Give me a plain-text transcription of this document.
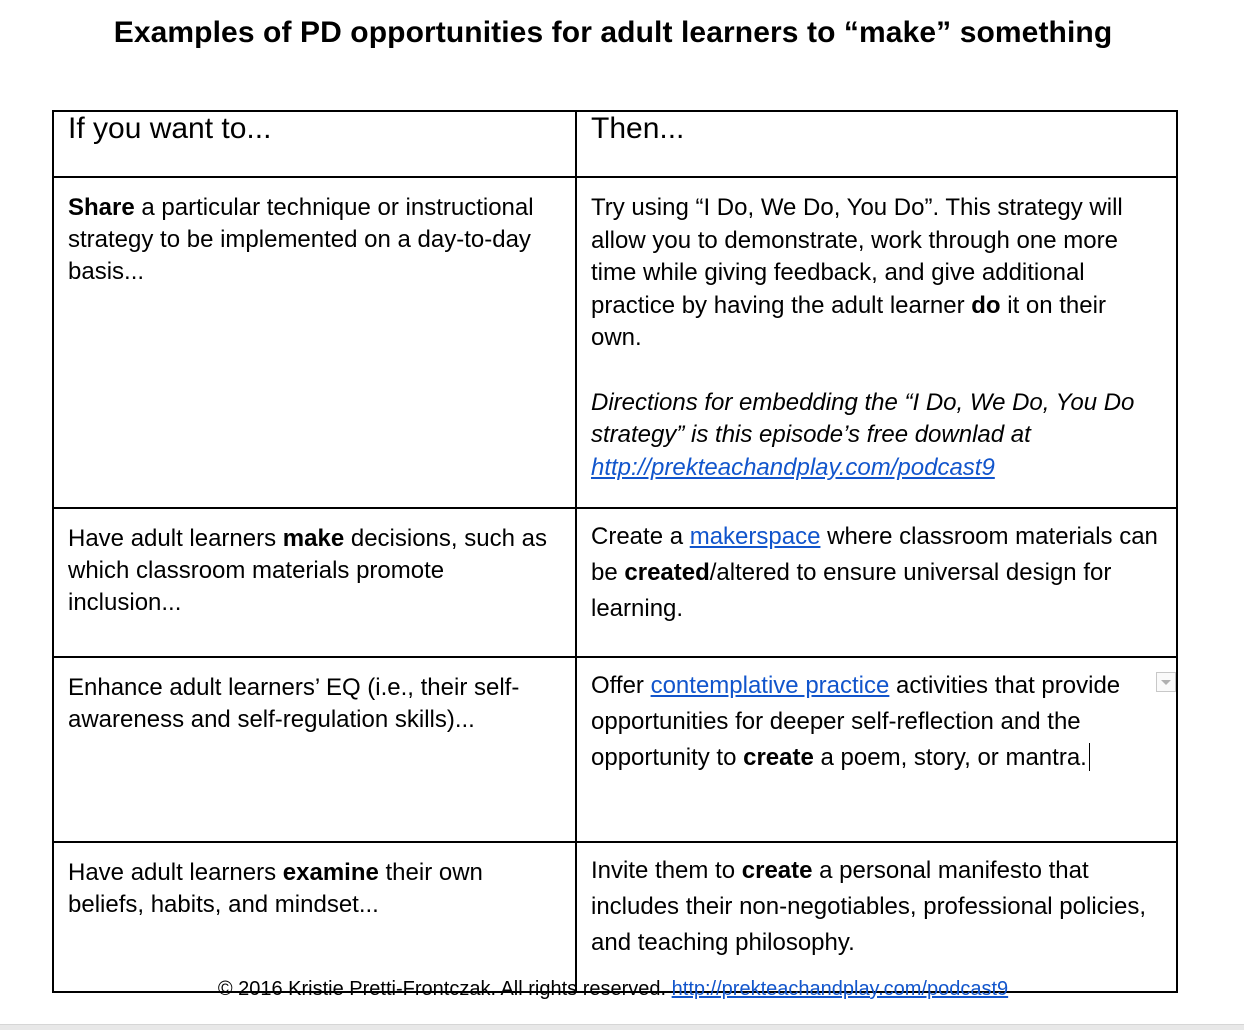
Examples of PD opportunities for adult learners to “make” something
If you want to...	Then...
Share a particular technique or instructional strategy to be implemented on a day-to-day basis...	Try using “I Do, We Do, You Do”. This strategy will allow you to demonstrate, work through one more time while giving feedback, and give additional practice by having the adult learner do it on their own.

Directions for embedding the “I Do, We Do, You Do strategy” is this episode’s free downlad at http://prekteachandplay.com/podcast9

Have adult learners make decisions, such as which classroom materials promote inclusion...	Create a makerspace where classroom materials can be created/altered to ensure universal design for learning.
Enhance adult learners’ EQ (i.e., their self-awareness and self-regulation skills)...	Offer contemplative practice activities that provide opportunities for deeper self-reflection and the opportunity to create a poem, story, or mantra.

Have adult learners examine their own beliefs, habits, and mindset...	Invite them to create a personal manifesto that includes their non-negotiables, professional policies, and teaching philosophy.
© 2016 Kristie Pretti-Frontczak. All rights reserved. http://prekteachandplay.com/podcast9
